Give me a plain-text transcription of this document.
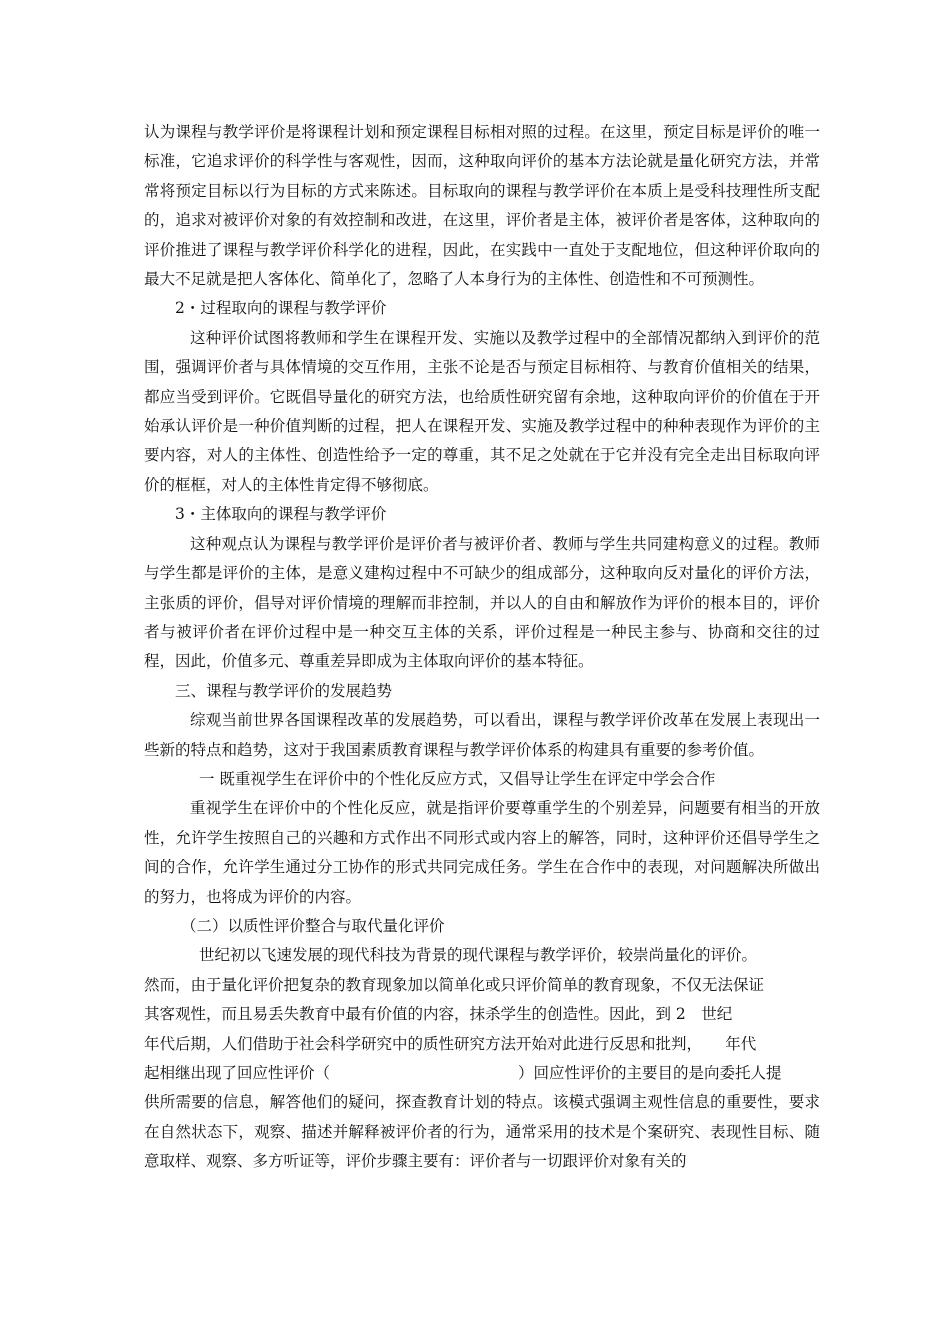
认为课程与教学评价是将课程计划和预定课程目标相对照的过程。在这里，预定目标是评价的唯一标准，它追求评价的科学性与客观性，因而，这种取向评价的基本方法论就是量化研究方法，并常常将预定目标以行为目标的方式来陈述。目标取向的课程与教学评价在本质上是受科技理性所支配的，追求对被评价对象的有效控制和改进，在这里，评价者是主体，被评价者是客体，这种取向的评价推进了课程与教学评价科学化的进程，因此，在实践中一直处于支配地位，但这种评价取向的最大不足就是把人客体化、简单化了，忽略了人本身行为的主体性、创造性和不可预测性。

2・过程取向的课程与教学评价

这种评价试图将教师和学生在课程开发、实施以及教学过程中的全部情况都纳入到评价的范围，强调评价者与具体情境的交互作用，主张不论是否与预定目标相符、与教育价值相关的结果，都应当受到评价。它既倡导量化的研究方法，也给质性研究留有余地，这种取向评价的价值在于开始承认评价是一种价值判断的过程，把人在课程开发、实施及教学过程中的种种表现作为评价的主要内容，对人的主体性、创造性给予一定的尊重，其不足之处就在于它并没有完全走出目标取向评价的框框，对人的主体性肯定得不够彻底。

3・主体取向的课程与教学评价

这种观点认为课程与教学评价是评价者与被评价者、教师与学生共同建构意义的过程。教师与学生都是评价的主体，是意义建构过程中不可缺少的组成部分，这种取向反对量化的评价方法，主张质的评价，倡导对评价情境的理解而非控制，并以人的自由和解放作为评价的根本目的，评价者与被评价者在评价过程中是一种交互主体的关系，评价过程是一种民主参与、协商和交往的过程，因此，价值多元、尊重差异即成为主体取向评价的基本特征。

三、课程与教学评价的发展趋势

综观当前世界各国课程改革的发展趋势，可以看出，课程与教学评价改革在发展上表现出一些新的特点和趋势，这对于我国素质教育课程与教学评价体系的构建具有重要的参考价值。

一 既重视学生在评价中的个性化反应方式，又倡导让学生在评定中学会合作

重视学生在评价中的个性化反应，就是指评价要尊重学生的个别差异，问题要有相当的开放性，允许学生按照自己的兴趣和方式作出不同形式或内容上的解答，同时，这种评价还倡导学生之间的合作，允许学生通过分工协作的形式共同完成任务。学生在合作中的表现，对问题解决所做出的努力，也将成为评价的内容。

（二）以质性评价整合与取代量化评价

世纪初以飞速发展的现代科技为背景的现代课程与教学评价，较崇尚量化的评价。

然而，由于量化评价把复杂的教育现象加以简单化或只评价简单的教育现象，不仅无法保证

其客观性，而且易丢失教育中最有价值的内容，抹杀学生的创造性。因此，到 2　世纪

年代后期，人们借助于社会科学研究中的质性研究方法开始对此进行反思和批判，　　年代

起相继出现了回应性评价（	）回应性评价的主要目的是向委托人提

供所需要的信息，解答他们的疑问，探查教育计划的特点。该模式强调主观性信息的重要性，要求在自然状态下，观察、描述并解释被评价者的行为，通常采用的技术是个案研究、表现性目标、随意取样、观察、多方听证等，评价步骤主要有：评价者与一切跟评价对象有关的
